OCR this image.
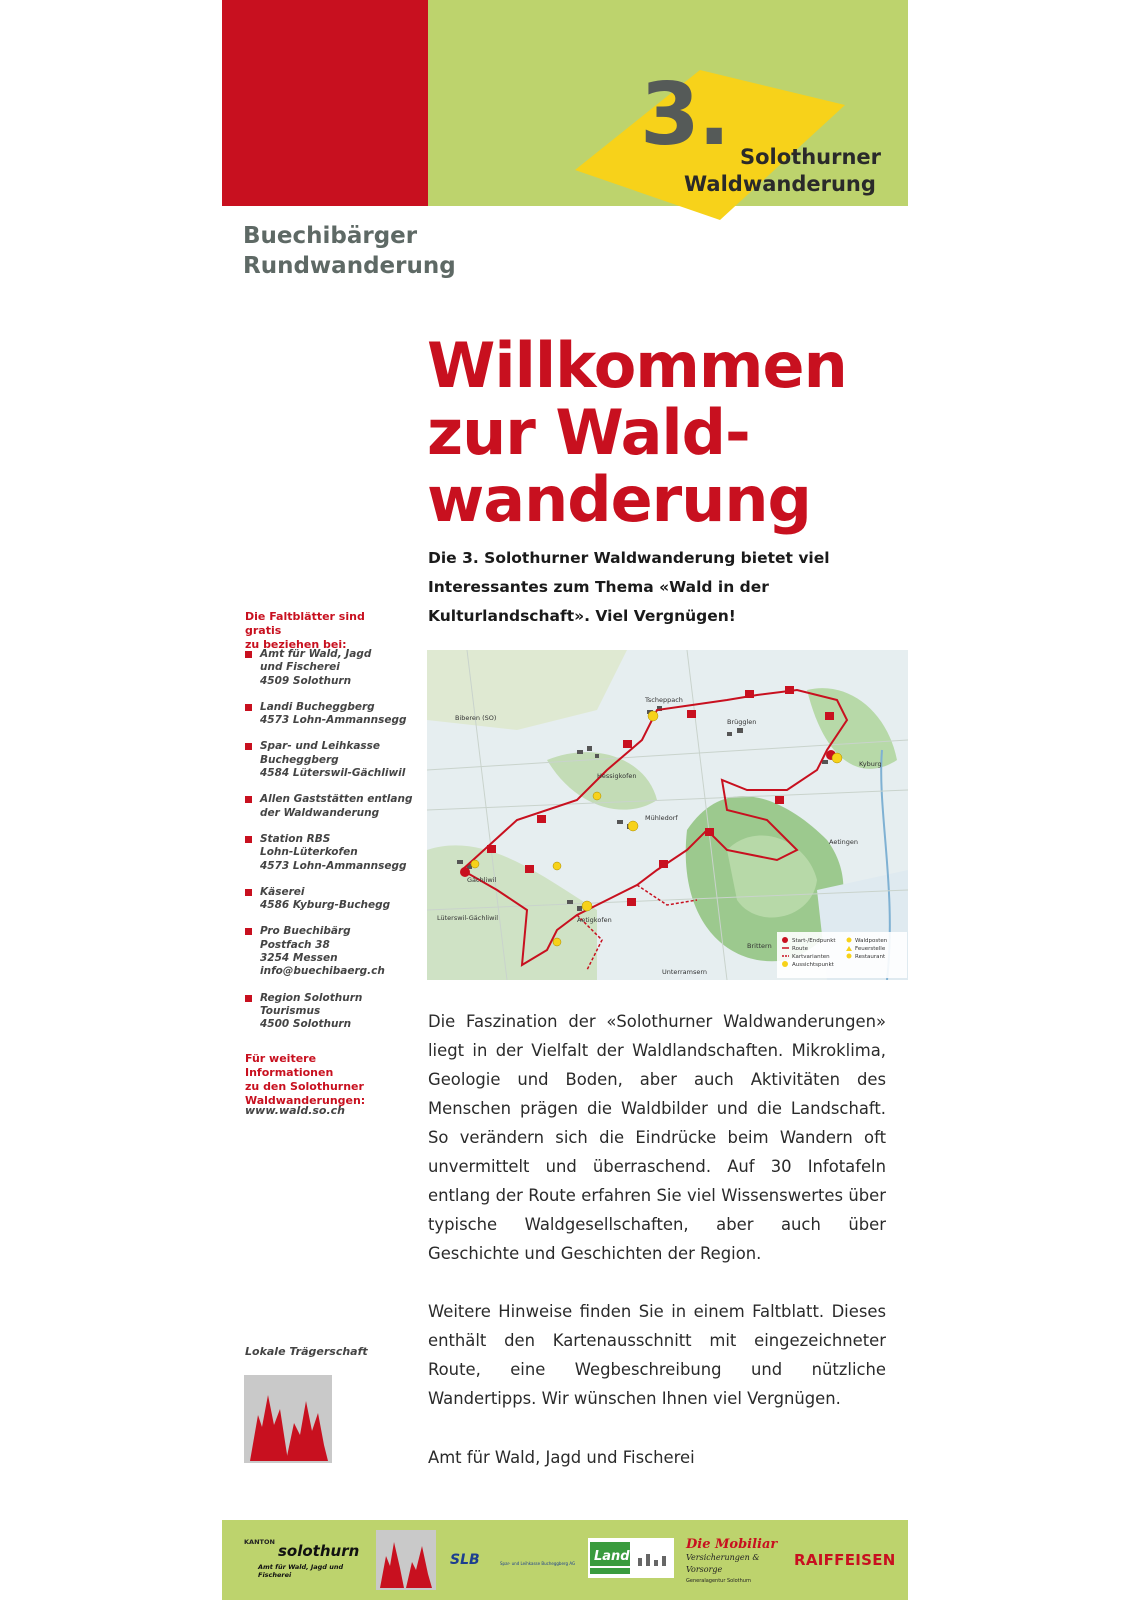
3. Solothurner
Waldwanderung
Buechibärger
Rundwanderung
Willkommen
zur Wald-
wanderung
Die 3. Solothurner Waldwanderung bietet viel Interessantes zum Thema «Wald in der Kulturlandschaft». Viel Vergnügen!
Die Faltblätter sind gratis
zu beziehen bei:
Amt für Wald, Jagd
und Fischerei
4509 Solothurn
Landi Bucheggberg
4573 Lohn-Ammannsegg
Spar- und Leihkasse
Bucheggberg
4584 Lüterswil-Gächliwil
Allen Gaststätten entlang
der Waldwanderung
Station RBS
Lohn-Lüterkofen
4573 Lohn-Ammannsegg
Käserei
4586 Kyburg-Buchegg
Pro Buechibärg
Postfach 38
3254 Messen
info@buechibaerg.ch
Region Solothurn Tourismus
4500 Solothurn
Für weitere Informationen
zu den Solothurner
Waldwanderungen:
www.wald.so.ch
Lokale Trägerschaft
Biberen (SO)
Tscheppach
Brügglen
Hessigkofen
Mühledorf
Aetingen
Kyburg
Gächliwil
Aetigkofen
Unterramsern
Brittern
Lüterswil-Gächliwil
Start-/Endpunkt
Route
Kartvarianten
Aussichtspunkt
Waldposten
Feuerstelle
Restaurant
Die Faszination der «Solothurner Waldwanderungen» liegt in der Vielfalt der Waldlandschaften. Mikroklima, Geologie und Boden, aber auch Aktivitäten des Menschen prägen die Waldbilder und die Landschaft. So verändern sich die Eindrücke beim Wandern oft unvermittelt und überraschend. Auf 30 Infotafeln entlang der Route erfahren Sie viel Wissenswertes über typische Waldgesellschaften, aber auch über Geschichte und Geschichten der Region.
Weitere Hinweise finden Sie in einem Faltblatt. Dieses enthält den Kartenausschnitt mit eingezeichneter Route, eine Wegbeschreibung und nützliche Wandertipps. Wir wünschen Ihnen viel Vergnügen.
Amt für Wald, Jagd und Fischerei
KANTON solothurn
Amt für Wald, Jagd und Fischerei
SLB	Spar- und Leihkasse Bucheggberg AG Landi
Die Mobiliar
Versicherungen & Vorsorge
Generalagentur Solothurn
RAIFFEISEN
